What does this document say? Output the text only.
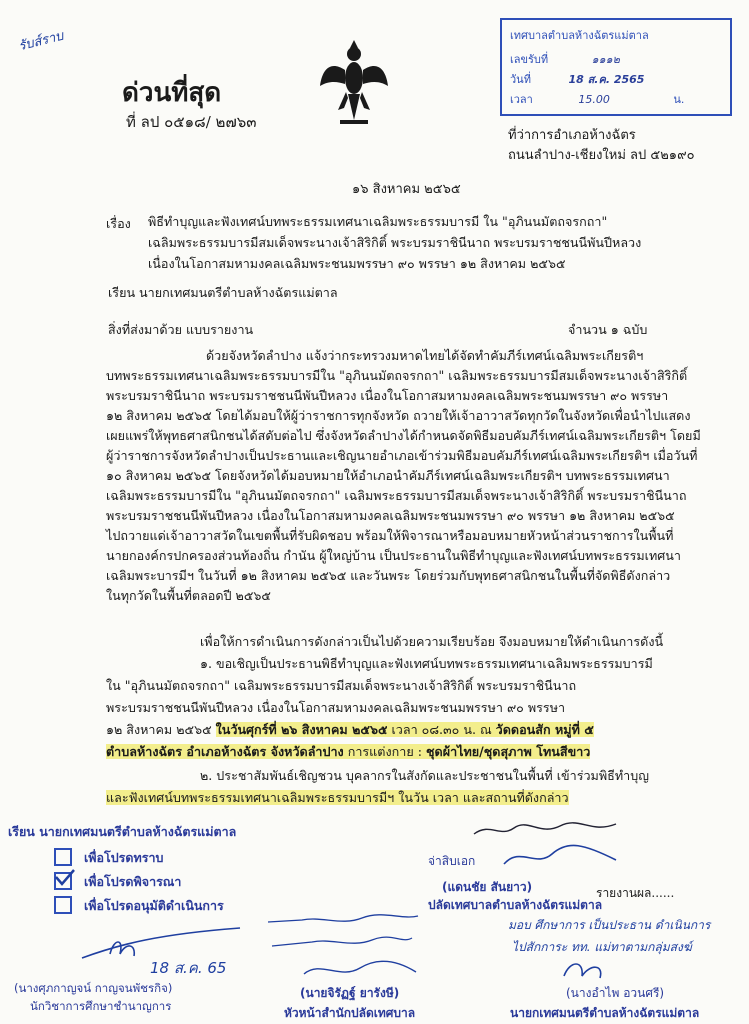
รับส์ราบ
ด่วนที่สุด
ที่ ลป ๐๕๑๘/ ๒๗๖๓
เทศบาลตำบลห้างฉัตรแม่ตาล
เลขรับที่	๑๑๑๒
วันที่	18 ส.ค. 2565
เวลา	15.00	น.
ที่ว่าการอำเภอห้างฉัตร
ถนนลำปาง-เชียงใหม่ ลป ๕๒๑๙๐
๑๖ สิงหาคม ๒๕๖๕
เรื่อง พิธีทำบุญและฟังเทศน์บทพระธรรมเทศนาเฉลิมพระธรรมบารมี ใน "อุภินนมัตถจรกถา"
เฉลิมพระธรรมบารมีสมเด็จพระนางเจ้าสิริกิติ์ พระบรมราชินีนาถ พระบรมราชชนนีพันปีหลวง
เนื่องในโอกาสมหามงคลเฉลิมพระชนมพรรษา ๙๐ พรรษา ๑๒ สิงหาคม ๒๕๖๕
เรียน นายกเทศมนตรีตำบลห้างฉัตรแม่ตาล
สิ่งที่ส่งมาด้วย แบบรายงาน	จำนวน ๑ ฉบับ
ด้วยจังหวัดลำปาง แจ้งว่ากระทรวงมหาดไทยได้จัดทำคัมภีร์เทศน์เฉลิมพระเกียรติฯ
บทพระธรรมเทศนาเฉลิมพระธรรมบารมีใน "อุภินนมัตถจรกถา" เฉลิมพระธรรมบารมีสมเด็จพระนางเจ้าสิริกิติ์
พระบรมราชินีนาถ พระบรมราชชนนีพันปีหลวง เนื่องในโอกาสมหามงคลเฉลิมพระชนมพรรษา ๙๐ พรรษา
๑๒ สิงหาคม ๒๕๖๕ โดยได้มอบให้ผู้ว่าราชการทุกจังหวัด ถวายให้เจ้าอาวาสวัดทุกวัดในจังหวัดเพื่อนำไปแสดง
เผยแพร่ให้พุทธศาสนิกชนได้สดับต่อไป ซึ่งจังหวัดลำปางได้กำหนดจัดพิธีมอบคัมภีร์เทศน์เฉลิมพระเกียรติฯ โดยมี
ผู้ว่าราชการจังหวัดลำปางเป็นประธานและเชิญนายอำเภอเข้าร่วมพิธีมอบคัมภีร์เทศน์เฉลิมพระเกียรติฯ เมื่อวันที่
๑๐ สิงหาคม ๒๕๖๕ โดยจังหวัดได้มอบหมายให้อำเภอนำคัมภีร์เทศน์เฉลิมพระเกียรติฯ บทพระธรรมเทศนา
เฉลิมพระธรรมบารมีใน "อุภินนมัตถจรกถา" เฉลิมพระธรรมบารมีสมเด็จพระนางเจ้าสิริกิติ์ พระบรมราชินีนาถ
พระบรมราชชนนีพันปีหลวง เนื่องในโอกาสมหามงคลเฉลิมพระชนมพรรษา ๙๐ พรรษา ๑๒ สิงหาคม ๒๕๖๕
ไปถวายแด่เจ้าอาวาสวัดในเขตพื้นที่รับผิดชอบ พร้อมให้พิจารณาหรือมอบหมายหัวหน้าส่วนราชการในพื้นที่
นายกองค์กรปกครองส่วนท้องถิ่น กำนัน ผู้ใหญ่บ้าน เป็นประธานในพิธีทำบุญและฟังเทศน์บทพระธรรมเทศนา
เฉลิมพระบารมีฯ ในวันที่ ๑๒ สิงหาคม ๒๕๖๕ และวันพระ โดยร่วมกับพุทธศาสนิกชนในพื้นที่จัดพิธีดังกล่าว
ในทุกวัดในพื้นที่ตลอดปี ๒๕๖๕
เพื่อให้การดำเนินการดังกล่าวเป็นไปด้วยความเรียบร้อย จึงมอบหมายให้ดำเนินการดังนี้
๑. ขอเชิญเป็นประธานพิธีทำบุญและฟังเทศน์บทพระธรรมเทศนาเฉลิมพระธรรมบารมี
ใน "อุภินนมัตถจรกถา" เฉลิมพระธรรมบารมีสมเด็จพระนางเจ้าสิริกิติ์ พระบรมราชินีนาถ
พระบรมราชชนนีพันปีหลวง เนื่องในโอกาสมหามงคลเฉลิมพระชนมพรรษา ๙๐ พรรษา
๑๒ สิงหาคม ๒๕๖๕ ในวันศุกร์ที่ ๒๖ สิงหาคม ๒๕๖๕ เวลา ๐๘.๓๐ น. ณ วัดดอนสัก หมู่ที่ ๕
ตำบลห้างฉัตร อำเภอห้างฉัตร จังหวัดลำปาง การแต่งกาย : ชุดผ้าไทย/ชุดสุภาพ โทนสีขาว
๒. ประชาสัมพันธ์เชิญชวน บุคลากรในสังกัดและประชาชนในพื้นที่ เข้าร่วมพิธีทำบุญ
และฟังเทศน์บทพระธรรมเทศนาเฉลิมพระธรรมบารมีฯ ในวัน เวลา และสถานที่ดังกล่าว
เรียน นายกเทศมนตรีตำบลห้างฉัตรแม่ตาล
เพื่อโปรดทราบ
เพื่อโปรดพิจารณา
เพื่อโปรดอนุมัติดำเนินการ
จ่าสิบเอก
(แดนชัย สันยาว)	รายงานผล......
ปลัดเทศบาลตำบลห้างฉัตรแม่ตาล
มอบ ศึกษาการ เป็นประธาน ดำเนินการ
ไปสักการะ ทท. แม่ทาตามกลุ่มสงฆ์
18 ส.ค. 65
(นางศุภกาญจน์ กาญจนพัชรกิจ)
นักวิชาการศึกษาชำนาญการ
(นายจิรัฏฐ์ ยารังษี)
หัวหน้าสำนักปลัดเทศบาล
(นางอำไพ อวนศรี)
นายกเทศมนตรีตำบลห้างฉัตรแม่ตาล
